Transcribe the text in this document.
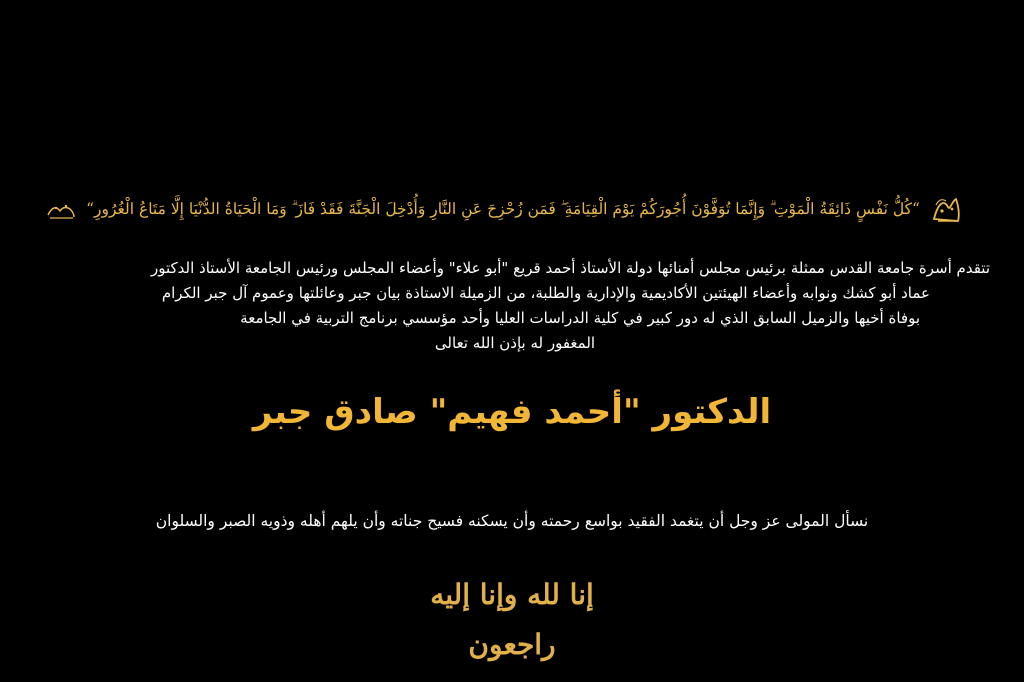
“كُلُّ نَفْسٍ ذَائِقَةُ الْمَوْتِ ۗ وَإِنَّمَا تُوَفَّوْنَ أُجُورَكُمْ يَوْمَ الْقِيَامَةِ ۖ فَمَن زُحْزِحَ عَنِ النَّارِ وَأُدْخِلَ الْجَنَّةَ فَقَدْ فَازَ ۗ وَمَا الْحَيَاةُ الدُّنْيَا إِلَّا مَتَاعُ الْغُرُورِ“
تتقدم أسرة جامعة القدس ممثلة برئيس مجلس أمنائها دولة الأستاذ أحمد قريع "أبو علاء" وأعضاء المجلس ورئيس الجامعة الأستاذ الدكتور
عماد أبو كشك ونوابه وأعضاء الهيئتين الأكاديمية والإدارية والطلبة، من الزميلة الاستاذة بيان جبر وعائلتها وعموم آل جبر الكرام
بوفاة أخيها والزميل السابق الذي له دور كبير في كلية الدراسات العليا وأحد مؤسسي برنامج التربية في الجامعة
المغفور له بإذن الله تعالى
الدكتور "أحمد فهيم" صادق جبر
نسأل المولى عز وجل أن يتغمد الفقيد بواسع رحمته وأن يسكنه فسيح جناته وأن يلهم أهله وذويه الصبر والسلوان
إنا لله وإنا إليه راجعون
